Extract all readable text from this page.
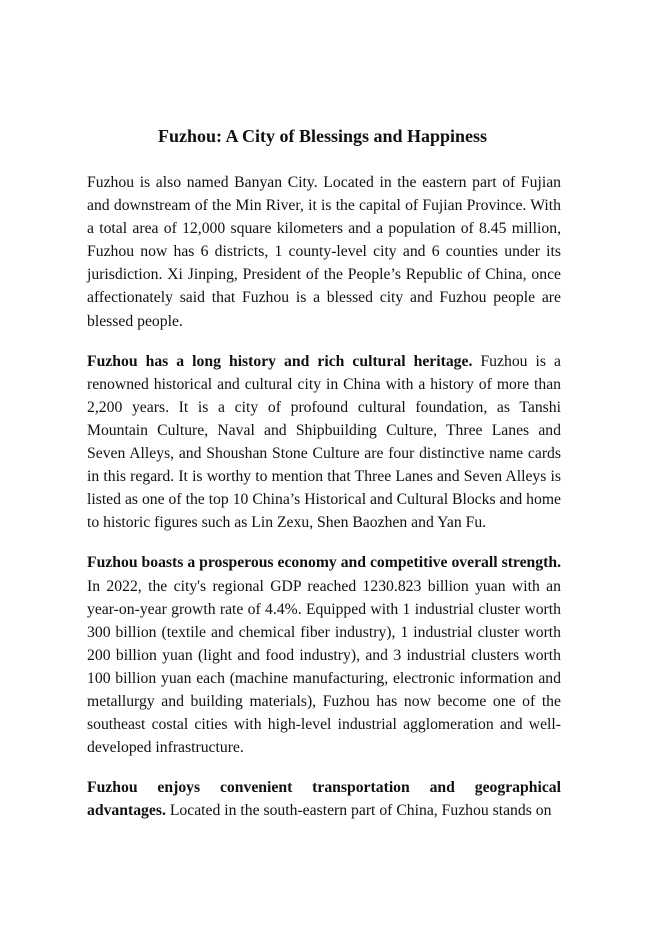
Fuzhou: A City of Blessings and Happiness

Fuzhou is also named Banyan City. Located in the eastern part of Fujian and downstream of the Min River, it is the capital of Fujian Province. With a total area of 12,000 square kilometers and a population of 8.45 million, Fuzhou now has 6 districts, 1 county-level city and 6 counties under its jurisdiction. Xi Jinping, President of the People’s Republic of China, once affectionately said that Fuzhou is a blessed city and Fuzhou people are blessed people.

Fuzhou has a long history and rich cultural heritage. Fuzhou is a renowned historical and cultural city in China with a history of more than 2,200 years. It is a city of profound cultural foundation, as Tanshi Mountain Culture, Naval and Shipbuilding Culture, Three Lanes and Seven Alleys, and Shoushan Stone Culture are four distinctive name cards in this regard. It is worthy to mention that Three Lanes and Seven Alleys is listed as one of the top 10 China’s Historical and Cultural Blocks and home to historic figures such as Lin Zexu, Shen Baozhen and Yan Fu.

Fuzhou boasts a prosperous economy and competitive overall strength. In 2022, the city's regional GDP reached 1230.823 billion yuan with an year-on-year growth rate of 4.4%. Equipped with 1 industrial cluster worth 300 billion (textile and chemical fiber industry), 1 industrial cluster worth 200 billion yuan (light and food industry), and 3 industrial clusters worth 100 billion yuan each (machine manufacturing, electronic information and metallurgy and building materials), Fuzhou has now become one of the southeast costal cities with high-level industrial agglomeration and well-developed infrastructure.

Fuzhou enjoys convenient transportation and geographical advantages. Located in the south-eastern part of China, Fuzhou stands on
